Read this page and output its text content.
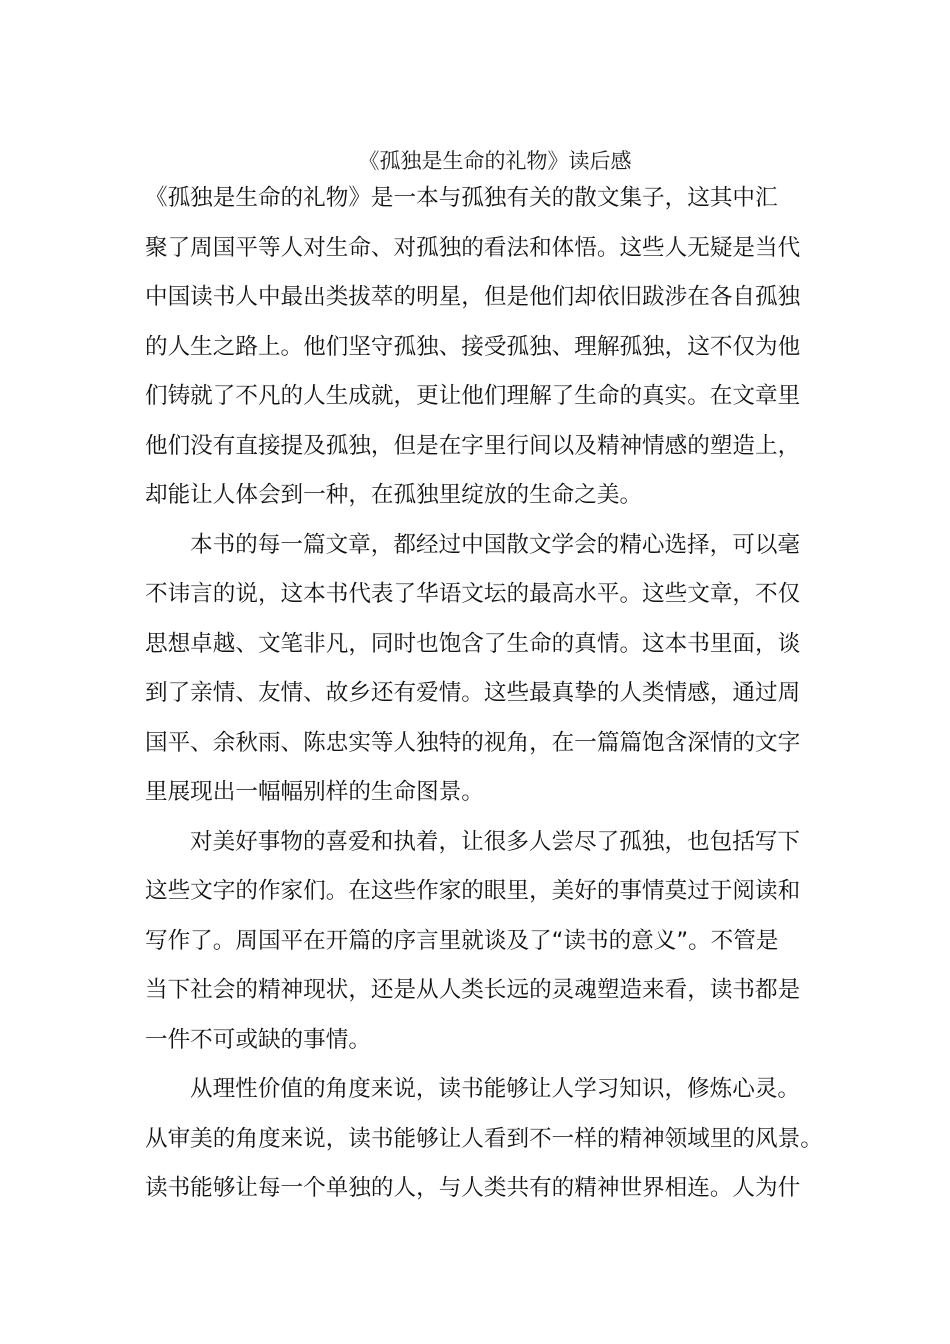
《孤独是生命的礼物》读后感
《孤独是生命的礼物》是一本与孤独有关的散文集子，这其中汇
聚了周国平等人对生命、对孤独的看法和体悟。这些人无疑是当代
中国读书人中最出类拔萃的明星，但是他们却依旧跋涉在各自孤独
的人生之路上。他们坚守孤独、接受孤独、理解孤独，这不仅为他
们铸就了不凡的人生成就，更让他们理解了生命的真实。在文章里
他们没有直接提及孤独，但是在字里行间以及精神情感的塑造上，
却能让人体会到一种，在孤独里绽放的生命之美。
本书的每一篇文章，都经过中国散文学会的精心选择，可以毫
不讳言的说，这本书代表了华语文坛的最高水平。这些文章，不仅
思想卓越、文笔非凡，同时也饱含了生命的真情。这本书里面，谈
到了亲情、友情、故乡还有爱情。这些最真挚的人类情感，通过周
国平、余秋雨、陈忠实等人独特的视角，在一篇篇饱含深情的文字
里展现出一幅幅别样的生命图景。
对美好事物的喜爱和执着，让很多人尝尽了孤独，也包括写下
这些文字的作家们。在这些作家的眼里，美好的事情莫过于阅读和
写作了。周国平在开篇的序言里就谈及了“读书的意义”。不管是
当下社会的精神现状，还是从人类长远的灵魂塑造来看，读书都是
一件不可或缺的事情。
从理性价值的角度来说，读书能够让人学习知识，修炼心灵。
从审美的角度来说，读书能够让人看到不一样的精神领域里的风景。
读书能够让每一个单独的人，与人类共有的精神世界相连。人为什
